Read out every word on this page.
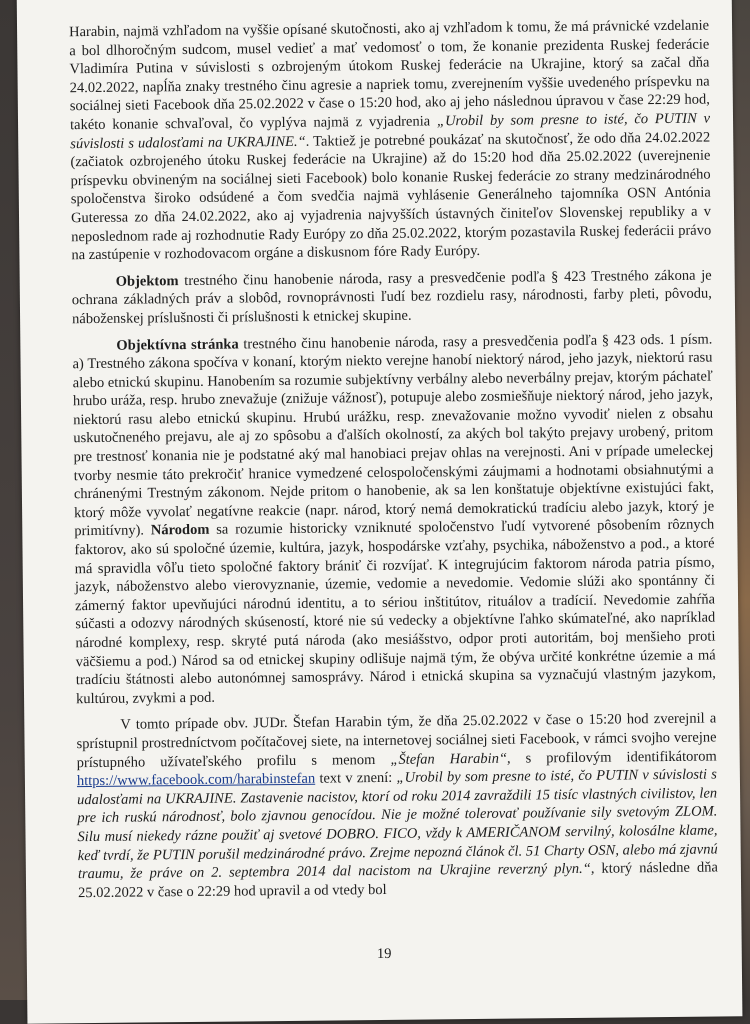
Harabin, najmä vzhľadom na vyššie opísané skutočnosti, ako aj vzhľadom k tomu, že má právnické vzdelanie a bol dlhoročným sudcom, musel vedieť a mať vedomosť o tom, že konanie prezidenta Ruskej federácie Vladimíra Putina v súvislosti s ozbrojeným útokom Ruskej federácie na Ukrajine, ktorý sa začal dňa 24.02.2022, napĺňa znaky trestného činu agresie a napriek tomu, zverejnením vyššie uvedeného príspevku na sociálnej sieti Facebook dňa 25.02.2022 v čase o 15:20 hod, ako aj jeho následnou úpravou v čase 22:29 hod, takéto konanie schvaľoval, čo vyplýva najmä z vyjadrenia „Urobil by som presne to isté, čo PUTIN v súvislosti s udalosťami na UKRAJINE.“. Taktiež je potrebné poukázať na skutočnosť, že odo dňa 24.02.2022 (začiatok ozbrojeného útoku Ruskej federácie na Ukrajine) až do 15:20 hod dňa 25.02.2022 (uverejnenie príspevku obvineným na sociálnej sieti Facebook) bolo konanie Ruskej federácie zo strany medzinárodného spoločenstva široko odsúdené a čom svedčia najmä vyhlásenie Generálneho tajomníka OSN Antónia Guteressa zo dňa 24.02.2022, ako aj vyjadrenia najvyšších ústavných činiteľov Slovenskej republiky a v neposlednom rade aj rozhodnutie Rady Európy zo dňa 25.02.2022, ktorým pozastavila Ruskej federácii právo na zastúpenie v rozhodovacom orgáne a diskusnom fóre Rady Európy.

Objektom trestného činu hanobenie národa, rasy a presvedčenie podľa § 423 Trestného zákona je ochrana základných práv a slobôd, rovnoprávnosti ľudí bez rozdielu rasy, národnosti, farby pleti, pôvodu, náboženskej príslušnosti či príslušnosti k etnickej skupine.

Objektívna stránka trestného činu hanobenie národa, rasy a presvedčenia podľa § 423 ods. 1 písm. a) Trestného zákona spočíva v konaní, ktorým niekto verejne hanobí niektorý národ, jeho jazyk, niektorú rasu alebo etnickú skupinu. Hanobením sa rozumie subjektívny verbálny alebo neverbálny prejav, ktorým páchateľ hrubo uráža, resp. hrubo znevažuje (znižuje vážnosť), potupuje alebo zosmiešňuje niektorý národ, jeho jazyk, niektorú rasu alebo etnickú skupinu. Hrubú urážku, resp. znevažovanie možno vyvodiť nielen z obsahu uskutočneného prejavu, ale aj zo spôsobu a ďalších okolností, za akých bol takýto prejavy urobený, pritom pre trestnosť konania nie je podstatné aký mal hanobiaci prejav ohlas na verejnosti. Ani v prípade umeleckej tvorby nesmie táto prekročiť hranice vymedzené celospoločenskými záujmami a hodnotami obsiahnutými a chránenými Trestným zákonom. Nejde pritom o hanobenie, ak sa len konštatuje objektívne existujúci fakt, ktorý môže vyvolať negatívne reakcie (napr. národ, ktorý nemá demokratickú tradíciu alebo jazyk, ktorý je primitívny). Národom sa rozumie historicky vzniknuté spoločenstvo ľudí vytvorené pôsobením rôznych faktorov, ako sú spoločné územie, kultúra, jazyk, hospodárske vzťahy, psychika, náboženstvo a pod., a ktoré má spravidla vôľu tieto spoločné faktory brániť či rozvíjať. K integrujúcim faktorom národa patria písmo, jazyk, náboženstvo alebo vierovyznanie, územie, vedomie a nevedomie. Vedomie slúži ako spontánny či zámerný faktor upevňujúci národnú identitu, a to sériou inštitútov, rituálov a tradícií. Nevedomie zahŕňa súčasti a odozvy národných skúseností, ktoré nie sú vedecky a objektívne ľahko skúmateľné, ako napríklad národné komplexy, resp. skryté putá národa (ako mesiášstvo, odpor proti autoritám, boj menšieho proti väčšiemu a pod.) Národ sa od etnickej skupiny odlišuje najmä tým, že obýva určité konkrétne územie a má tradíciu štátnosti alebo autonómnej samosprávy. Národ i etnická skupina sa vyznačujú vlastným jazykom, kultúrou, zvykmi a pod.

V tomto prípade obv. JUDr. Štefan Harabin tým, že dňa 25.02.2022 v čase o 15:20 hod zverejnil a sprístupnil prostredníctvom počítačovej siete, na internetovej sociálnej sieti Facebook, v rámci svojho verejne prístupného užívateľského profilu s menom „Štefan Harabin“, s profilovým identifikátorom https://www.facebook.com/harabinstefan text v znení: „Urobil by som presne to isté, čo PUTIN v súvislosti s udalosťami na UKRAJINE. Zastavenie nacistov, ktorí od roku 2014 zavraždili 15 tisíc vlastných civilistov, len pre ich ruskú národnosť, bolo zjavnou genocídou. Nie je možné tolerovať používanie sily svetovým ZLOM. Silu musí niekedy rázne použiť aj svetové DOBRO. FICO, vždy k AMERIČANOM servilný, kolosálne klame, keď tvrdí, že PUTIN porušil medzinárodné právo. Zrejme nepozná článok čl. 51 Charty OSN, alebo má zjavnú traumu, že práve on 2. septembra 2014 dal nacistom na Ukrajine reverzný plyn.“, ktorý následne dňa 25.02.2022 v čase o 22:29 hod upravil a od vtedy bol

19
